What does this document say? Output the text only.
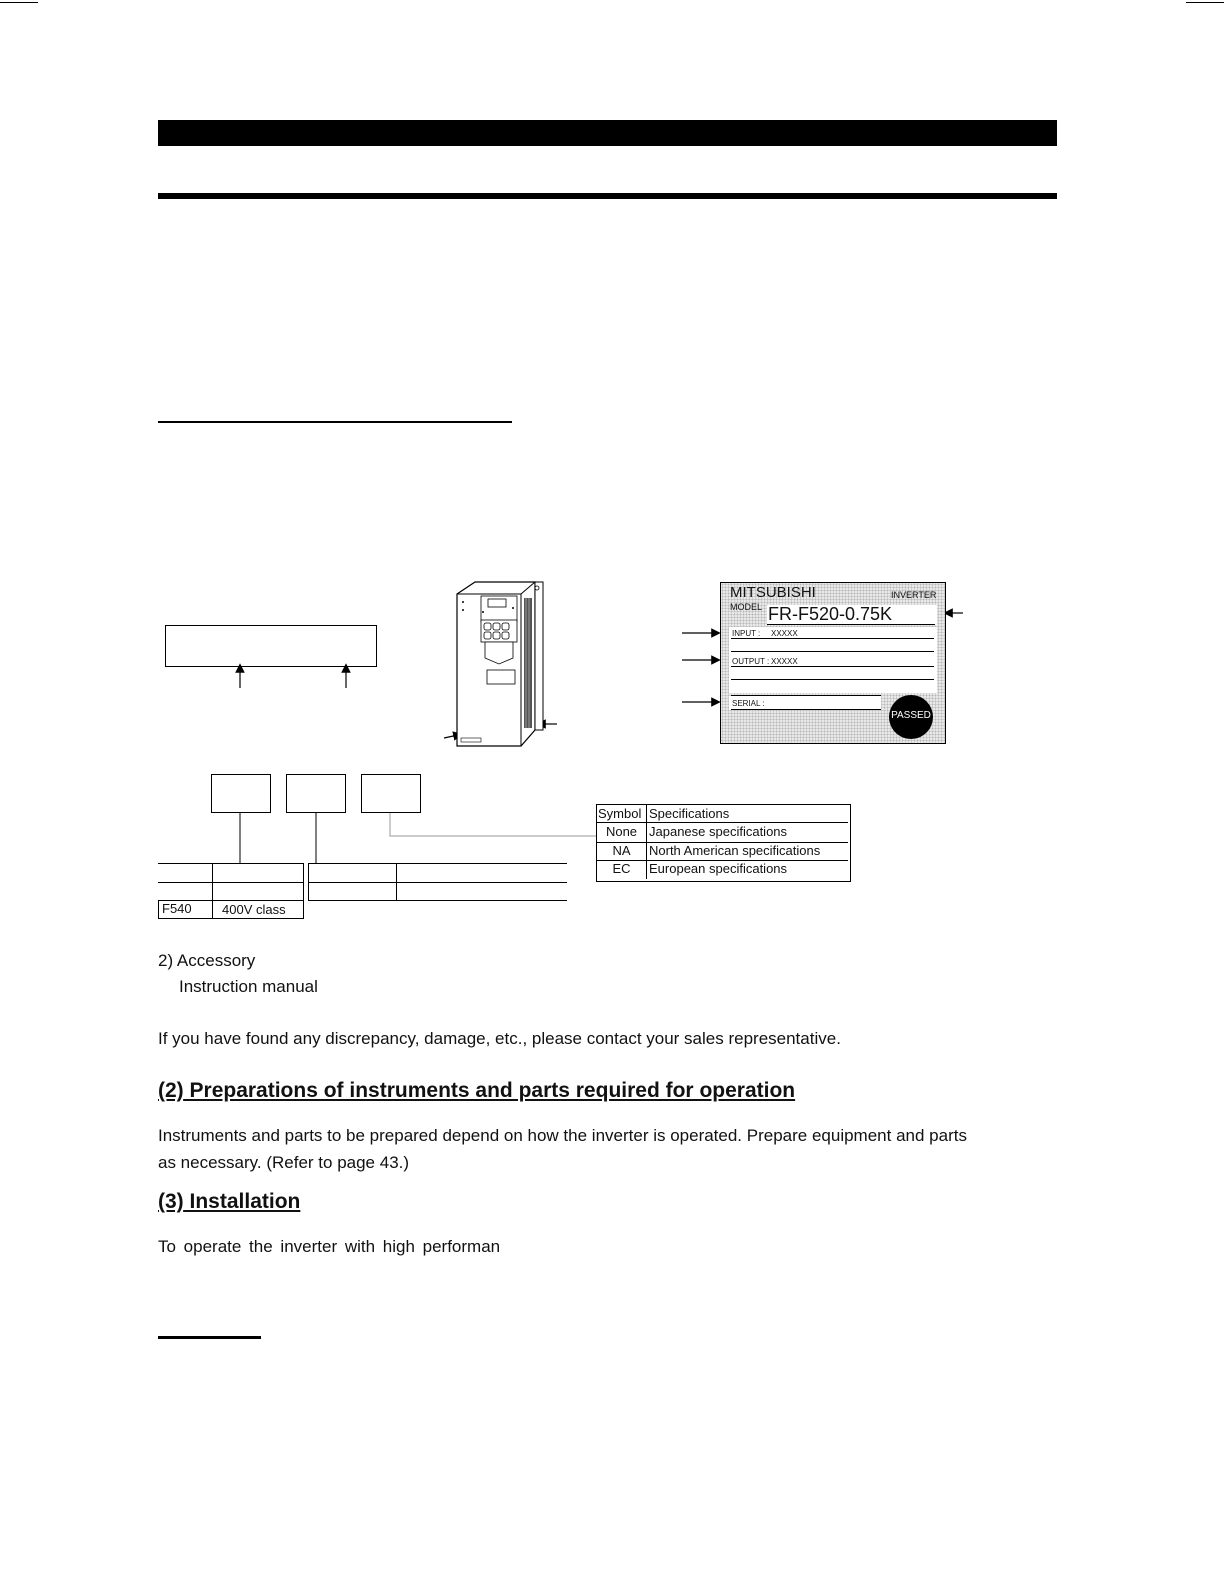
MITSUBISHI	INVERTER
MODEL FR-F520-0.75K
INPUT : XXXXX
OUTPUT : XXXXX
SERIAL :
PASSED
F540 400V class
Symbol Specifications
None Japanese specifications
NA	North American specifications
EC	European specifications
2) Accessory
Instruction manual
If you have found any discrepancy, damage, etc., please contact your sales representative.
(2) Preparations of instruments and parts required for operation
Instruments and parts to be prepared depend on how the inverter is operated. Prepare equipment and parts
as necessary. (Refer to page 43.)
(3) Installation
To operate the inverter with high performan
